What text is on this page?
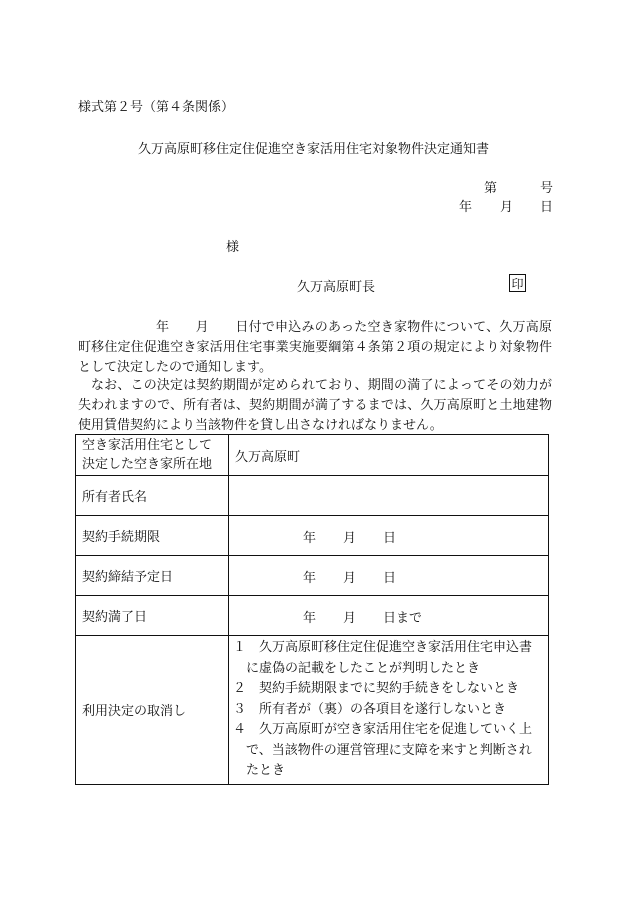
様式第２号（第４条関係）
久万高原町移住定住促進空き家活用住宅対象物件決定通知書
第	号
年 月 日
様
久万高原町長	印
年　　月　　日付で申込みのあった空き家物件について、久万高原町移住定住促進空き家活用住宅事業実施要綱第４条第２項の規定により対象物件として決定したので通知します。
なお、この決定は契約期間が定められており、期間の満了によってその効力が失われますので、所有者は、契約期間が満了するまでは、久万高原町と土地建物使用賃借契約により当該物件を貸し出さなければなりません。
空き家活用住宅として決定した空き家所在地	久万高原町
所有者氏名	
契約手続期限	年 月 日

契約締結予定日	年 月 日

契約満了日	年 月 日まで

利用決定の取消し	１　久万高原町移住定住促進空き家活用住宅申込書に虚偽の記載をしたことが判明したとき
２　契約手続期限までに契約手続きをしないとき
３　所有者が（裏）の各項目を遂行しないとき
４　久万高原町が空き家活用住宅を促進していく上で、当該物件の運営管理に支障を来すと判断されたとき
